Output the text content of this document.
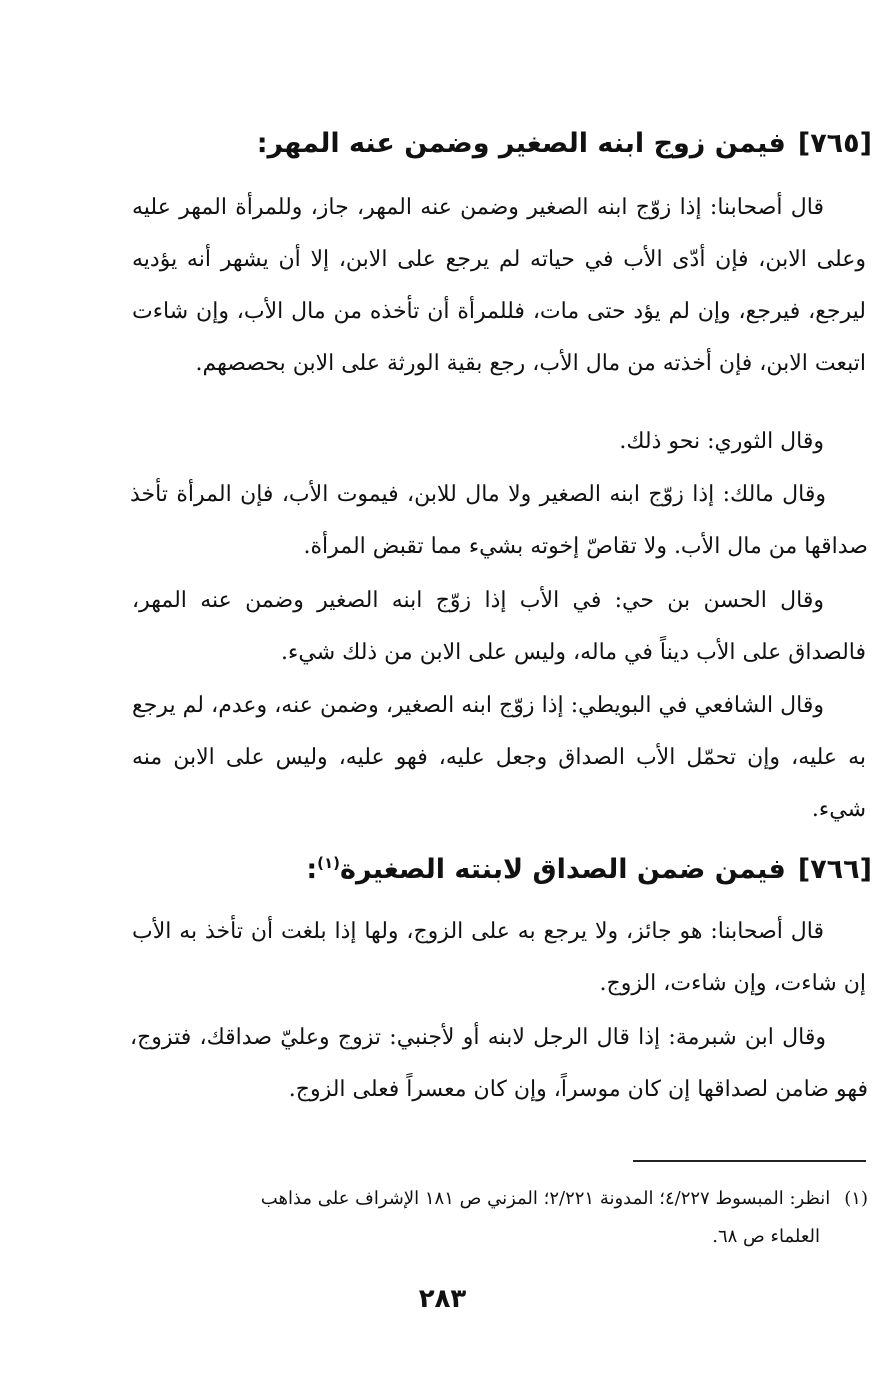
[٧٦٥]فيمن زوج ابنه الصغير وضمن عنه المهر:
قال أصحابنا: إذا زوّج ابنه الصغير وضمن عنه المهر، جاز، وللمرأة المهر عليه وعلى الابن، فإن أدّى الأب في حياته لم يرجع على الابن، إلا أن يشهر أنه يؤديه ليرجع، فيرجع، وإن لم يؤد حتى مات، فللمرأة أن تأخذه من مال الأب، وإن شاءت اتبعت الابن، فإن أخذته من مال الأب، رجع بقية الورثة على الابن بحصصهم.
وقال الثوري: نحو ذلك.
وقال مالك: إذا زوّج ابنه الصغير ولا مال للابن، فيموت الأب، فإن المرأة تأخذ صداقها من مال الأب. ولا تقاصّ إخوته بشيء مما تقبض المرأة.
وقال الحسن بن حي: في الأب إذا زوّج ابنه الصغير وضمن عنه المهر، فالصداق على الأب ديناً في ماله، وليس على الابن من ذلك شيء.
وقال الشافعي في البويطي: إذا زوّج ابنه الصغير، وضمن عنه، وعدم، لم يرجع به عليه، وإن تحمّل الأب الصداق وجعل عليه، فهو عليه، وليس على الابن منه شيء.
[٧٦٦]فيمن ضمن الصداق لابنته الصغيرة$^{(١)}$:
قال أصحابنا: هو جائز، ولا يرجع به على الزوج، ولها إذا بلغت أن تأخذ به الأب إن شاءت، وإن شاءت، الزوج.
وقال ابن شبرمة: إذا قال الرجل لابنه أو لأجنبي: تزوج وعليّ صداقك، فتزوج، فهو ضامن لصداقها إن كان موسراً، وإن كان معسراً فعلى الزوج.
(١)انظر: المبسوط ٤/٢٢٧؛ المدونة ٢/٢٢١؛ المزني ص ١٨١ الإشراف على مذاهب
العلماء ص ٦٨.
٢٨٣
